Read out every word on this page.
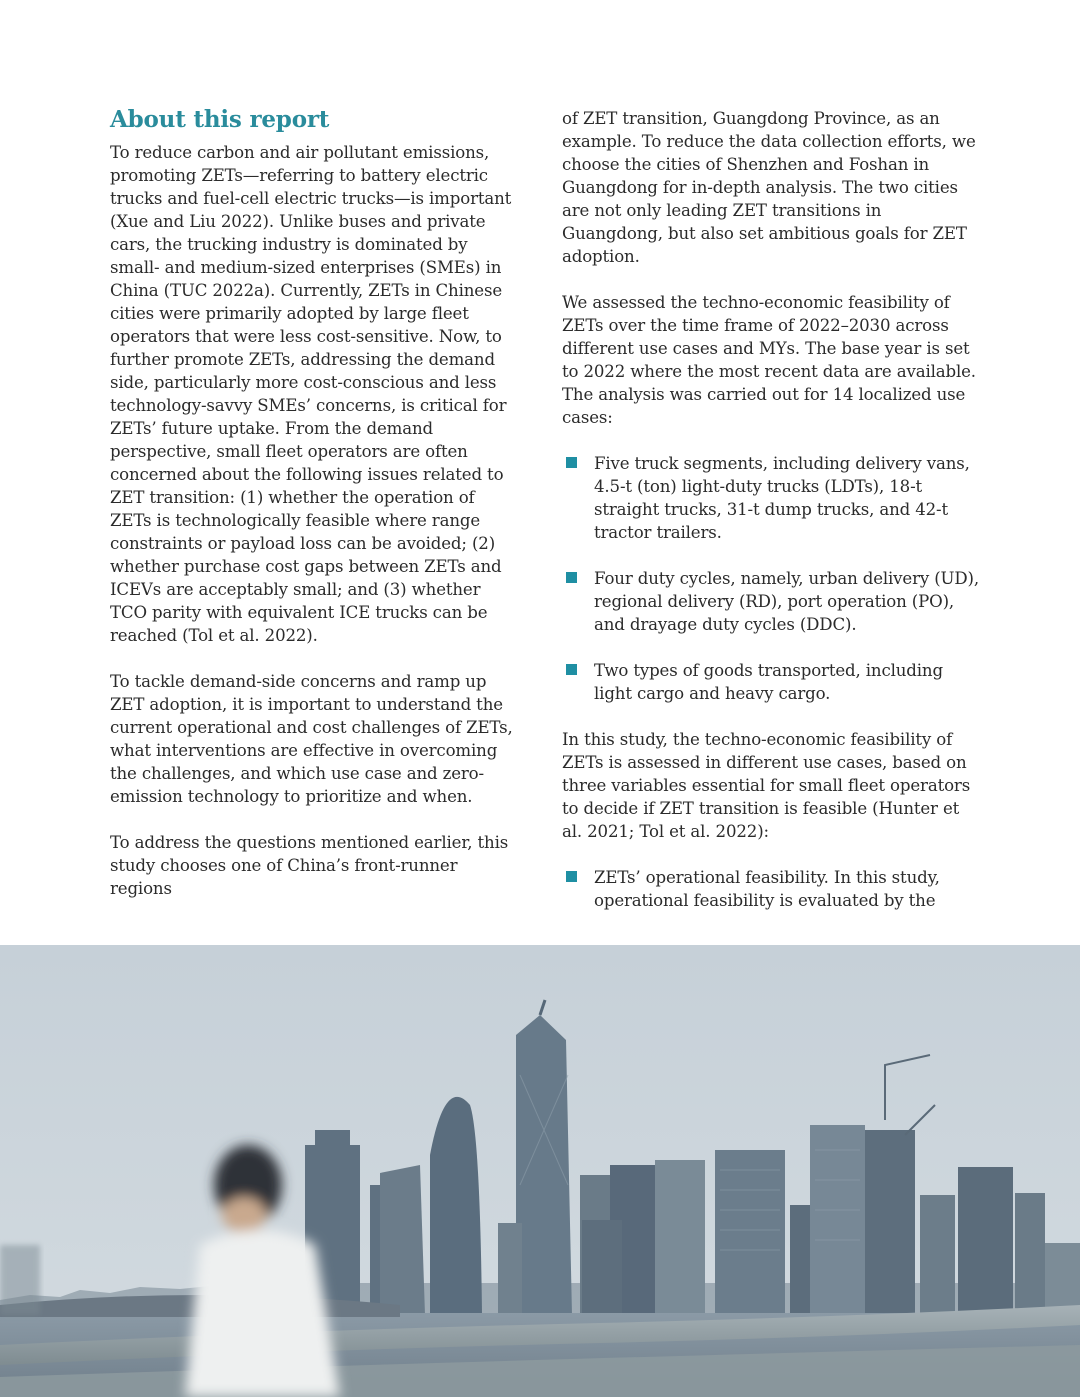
About this report

To reduce carbon and air pollutant emissions, promoting ZETs—referring to battery electric trucks and fuel-cell electric trucks—is important (Xue and Liu 2022). Unlike buses and private cars, the trucking industry is dominated by small- and medium-sized enterprises (SMEs) in China (TUC 2022a). Currently, ZETs in Chinese cities were primarily adopted by large fleet operators that were less cost-sensitive. Now, to further promote ZETs, addressing the demand side, particularly more cost-conscious and less technology-savvy SMEs’ concerns, is critical for ZETs’ future uptake. From the demand perspective, small fleet operators are often concerned about the following issues related to ZET transition: (1) whether the operation of ZETs is technologically feasible where range constraints or payload loss can be avoided; (2) whether purchase cost gaps between ZETs and ICEVs are acceptably small; and (3) whether TCO parity with equivalent ICE trucks can be reached (Tol et al. 2022).

To tackle demand-side concerns and ramp up ZET adoption, it is important to understand the current operational and cost challenges of ZETs, what interventions are effective in overcoming the challenges, and which use case and zero-emission technology to prioritize and when.

To address the questions mentioned earlier, this study chooses one of China’s front-runner regions

of ZET transition, Guangdong Province, as an example. To reduce the data collection efforts, we choose the cities of Shenzhen and Foshan in Guangdong for in-depth analysis. The two cities are not only leading ZET transitions in Guangdong, but also set ambitious goals for ZET adoption.

We assessed the techno-economic feasibility of ZETs over the time frame of 2022–2030 across different use cases and MYs. The base year is set to 2022 where the most recent data are available. The analysis was carried out for 14 localized use cases:

Five truck segments, including delivery vans, 4.5-t (ton) light-duty trucks (LDTs), 18-t straight trucks, 31-t dump trucks, and 42-t tractor trailers.
Four duty cycles, namely, urban delivery (UD), regional delivery (RD), port operation (PO), and drayage duty cycles (DDC).
Two types of goods transported, including light cargo and heavy cargo.

In this study, the techno-economic feasibility of ZETs is assessed in different use cases, based on three variables essential for small fleet operators to decide if ZET transition is feasible (Hunter et al. 2021; Tol et al. 2022):

ZETs’ operational feasibility. In this study, operational feasibility is evaluated by the
